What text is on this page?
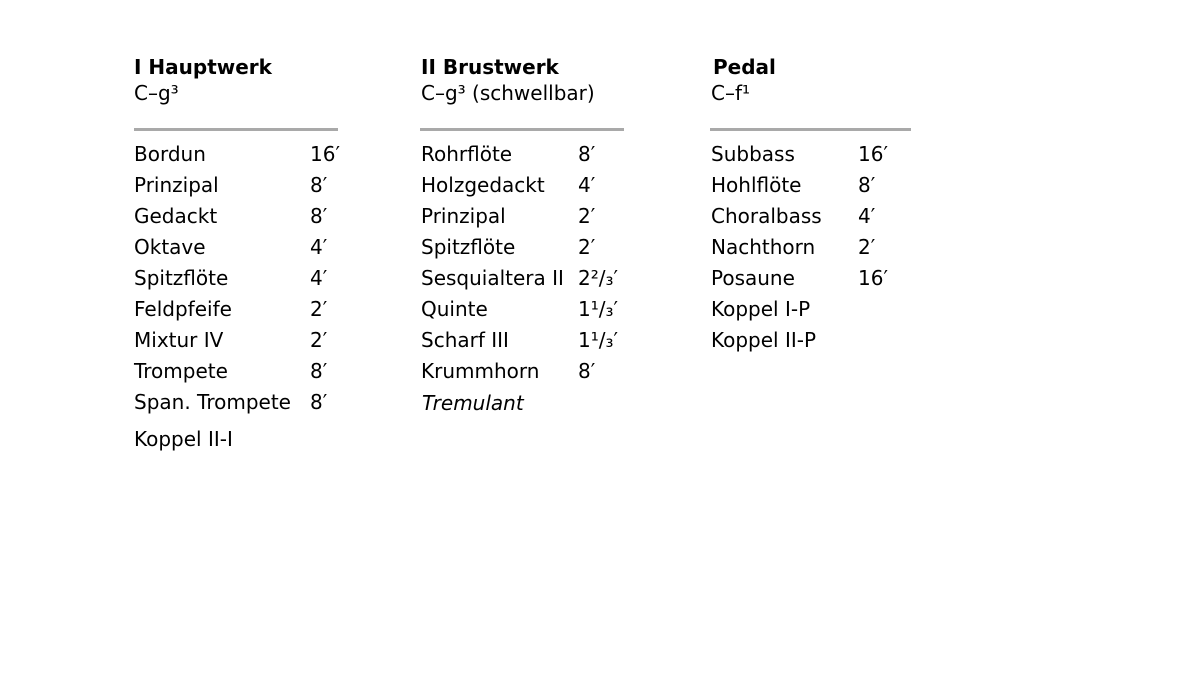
I Hauptwerk
C–g³
Bordun	16′
Prinzipal	8′
Gedackt	8′
Oktave	4′
Spitzflöte	4′
Feldpfeife	2′
Mixtur IV	2′
Trompete	8′
Span. Trompete 8′
Koppel II-I
II Brustwerk
C–g³ (schwellbar)
Rohrflöte	8′
Holzgedackt 4′
Prinzipal	2′
Spitzflöte	2′
Sesquialtera II 2²/₃′
Quinte	1¹/₃′
Scharf III	1¹/₃′
Krummhorn 8′
Tremulant
Pedal
C–f¹
Subbass	16′
Hohlflöte	8′
Choralbass 4′
Nachthorn 2′
Posaune	16′
Koppel I-P
Koppel II-P
